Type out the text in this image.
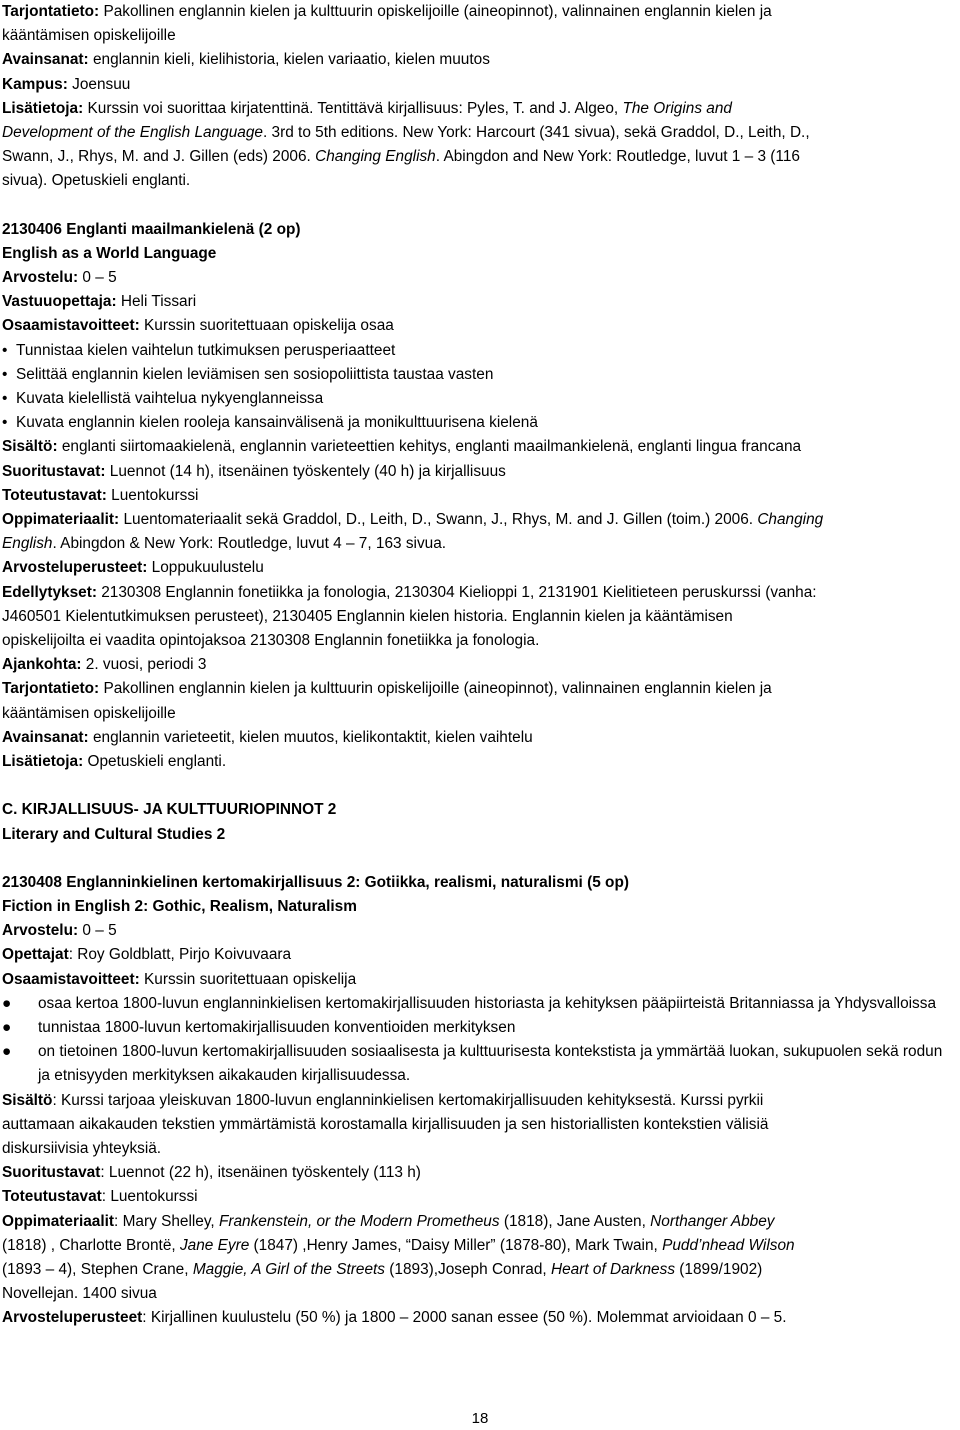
Tarjontatieto: Pakollinen englannin kielen ja kulttuurin opiskelijoille (aineopinnot), valinnainen englannin kielen ja
kääntämisen opiskelijoille
Avainsanat: englannin kieli, kielihistoria, kielen variaatio, kielen muutos
Kampus: Joensuu
Lisätietoja: Kurssin voi suorittaa kirjatenttinä. Tentittävä kirjallisuus: Pyles, T. and J. Algeo, The Origins and
Development of the English Language. 3rd to 5th editions. New York: Harcourt (341 sivua), sekä Graddol, D., Leith, D.,
Swann, J., Rhys, M. and J. Gillen (eds) 2006. Changing English. Abingdon and New York: Routledge, luvut 1 – 3 (116
sivua). Opetuskieli englanti.
2130406 Englanti maailmankielenä (2 op)
English as a World Language
Arvostelu: 0 – 5
Vastuuopettaja: Heli Tissari
Osaamistavoitteet: Kurssin suoritettuaan opiskelija osaa
• Tunnistaa kielen vaihtelun tutkimuksen perusperiaatteet
• Selittää englannin kielen leviämisen sen sosiopoliittista taustaa vasten
• Kuvata kielellistä vaihtelua nykyenglanneissa
• Kuvata englannin kielen rooleja kansainvälisenä ja monikulttuurisena kielenä
Sisältö: englanti siirtomaakielenä, englannin varieteettien kehitys, englanti maailmankielenä, englanti lingua francana
Suoritustavat: Luennot (14 h), itsenäinen työskentely (40 h) ja kirjallisuus
Toteutustavat: Luentokurssi
Oppimateriaalit: Luentomateriaalit sekä Graddol, D., Leith, D., Swann, J., Rhys, M. and J. Gillen (toim.) 2006. Changing
English. Abingdon & New York: Routledge, luvut 4 – 7, 163 sivua.
Arvosteluperusteet: Loppukuulustelu
Edellytykset: 2130308 Englannin fonetiikka ja fonologia, 2130304 Kielioppi 1, 2131901 Kielitieteen peruskurssi (vanha:
J460501 Kielentutkimuksen perusteet), 2130405 Englannin kielen historia. Englannin kielen ja kääntämisen
opiskelijoilta ei vaadita opintojaksoa 2130308 Englannin fonetiikka ja fonologia.
Ajankohta: 2. vuosi, periodi 3
Tarjontatieto: Pakollinen englannin kielen ja kulttuurin opiskelijoille (aineopinnot), valinnainen englannin kielen ja
kääntämisen opiskelijoille
Avainsanat: englannin varieteetit, kielen muutos, kielikontaktit, kielen vaihtelu
Lisätietoja: Opetuskieli englanti.
C. KIRJALLISUUS- JA KULTTUURIOPINNOT 2
Literary and Cultural Studies 2
2130408 Englanninkielinen kertomakirjallisuus 2: Gotiikka, realismi, naturalismi (5 op)
Fiction in English 2: Gothic, Realism, Naturalism
Arvostelu: 0 – 5
Opettajat: Roy Goldblatt, Pirjo Koivuvaara
Osaamistavoitteet: Kurssin suoritettuaan opiskelija
●	osaa kertoa 1800-luvun englanninkielisen kertomakirjallisuuden historiasta ja kehityksen pääpiirteistä Britanniassa ja Yhdysvalloissa
●	tunnistaa 1800-luvun kertomakirjallisuuden konventioiden merkityksen
●	on tietoinen 1800-luvun kertomakirjallisuuden sosiaalisesta ja kulttuurisesta kontekstista ja ymmärtää luokan, sukupuolen sekä rodun ja etnisyyden merkityksen aikakauden kirjallisuudessa.
Sisältö: Kurssi tarjoaa yleiskuvan 1800-luvun englanninkielisen kertomakirjallisuuden kehityksestä. Kurssi pyrkii
auttamaan aikakauden tekstien ymmärtämistä korostamalla kirjallisuuden ja sen historiallisten kontekstien välisiä
diskursiivisia yhteyksiä.
Suoritustavat: Luennot (22 h), itsenäinen työskentely (113 h)
Toteutustavat: Luentokurssi
Oppimateriaalit: Mary Shelley, Frankenstein, or the Modern Prometheus (1818), Jane Austen, Northanger Abbey
(1818) , Charlotte Brontë, Jane Eyre (1847) ,Henry James, “Daisy Miller” (1878-80), Mark Twain, Pudd’nhead Wilson
(1893 – 4), Stephen Crane, Maggie, A Girl of the Streets (1893),Joseph Conrad, Heart of Darkness (1899/1902)
Novellejan. 1400 sivua
Arvosteluperusteet: Kirjallinen kuulustelu (50 %) ja 1800 – 2000 sanan essee (50 %). Molemmat arvioidaan 0 – 5.
18
